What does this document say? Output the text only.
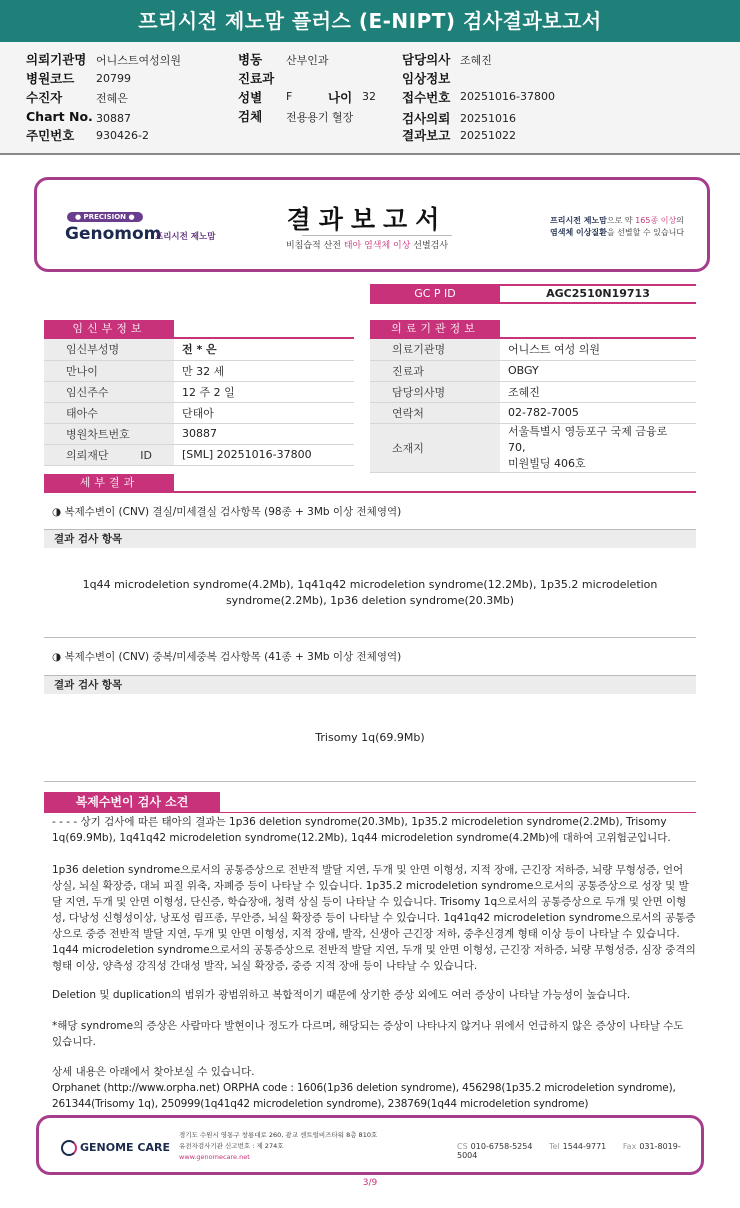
프리시전 제노맘 플러스 (E-NIPT) 검사결과보고서
의뢰기관명 어니스트여성의원
병원코드 20799
수진자	전혜은
Chart No. 30887
주민번호 930426-2
병동 산부인과
진료과
성별 F	나이 32
검체 전용용기 혈장
담당의사 조혜진
임상정보
접수번호 20251016-37800
검사의뢰 20251016
결과보고 20251022
● PRECISION ●
Genomom
프리시전 제노맘
결과보고서
비침습적 산전 태아 염색체 이상 선별검사
프리시전 제노맘으로 약 165종 이상의
염색체 이상질환을 선별할 수 있습니다
GC P ID	AGC2510N19713
임신부정보
임신부성명	전 * 은
만나이	만 32 세
임신주수	12 주 2 일
태아수	단태아
병원차트번호	30887
의뢰재단 ID	[SML] 20251016-37800
의료기관정보
의료기관명	어니스트 여성 의원
진료과	OBGY
담당의사명	조혜진
연락처	02-782-7005
소재지	서울특별시 영등포구 국제 금융로 70,
미원빌딩 406호
세부결과
◑ 복제수변이 (CNV) 결실/미세결실 검사항목 (98종 + 3Mb 이상 전체영역)
결과 검사 항목
1q44 microdeletion syndrome(4.2Mb), 1q41q42 microdeletion syndrome(12.2Mb), 1p35.2 microdeletion
syndrome(2.2Mb), 1p36 deletion syndrome(20.3Mb)
◑ 복제수변이 (CNV) 중복/미세중복 검사항목 (41종 + 3Mb 이상 전체영역)
결과 검사 항목
Trisomy 1q(69.9Mb)
복제수변이 검사 소견
- - - - 상기 검사에 따른 태아의 결과는 1p36 deletion syndrome(20.3Mb), 1p35.2 microdeletion syndrome(2.2Mb), Trisomy 1q(69.9Mb), 1q41q42 microdeletion syndrome(12.2Mb), 1q44 microdeletion syndrome(4.2Mb)에 대하여 고위험군입니다.
1p36 deletion syndrome으로서의 공통증상으로 전반적 발달 지연, 두개 및 안면 이형성, 지적 장애, 근긴장 저하증, 뇌량 무형성증, 언어 상실, 뇌실 확장증, 대뇌 피질 위축, 자폐증 등이 나타날 수 있습니다. 1p35.2 microdeletion syndrome으로서의 공통증상으로 성장 및 발달 지연, 두개 및 안면 이형성, 단신증, 학습장애, 청력 상실 등이 나타날 수 있습니다. Trisomy 1q으로서의 공통증상으로 두개 및 안면 이형성, 다낭성 신형성이상, 낭포성 림프종, 무안증, 뇌실 확장증 등이 나타날 수 있습니다. 1q41q42 microdeletion syndrome으로서의 공통증상으로 중증 전반적 발달 지연, 두개 및 안면 이형성, 지적 장애, 발작, 신생아 근긴장 저하, 중추신경계 형태 이상 등이 나타날 수 있습니다. 1q44 microdeletion syndrome으로서의 공통증상으로 전반적 발달 지연, 두개 및 안면 이형성, 근긴장 저하증, 뇌량 무형성증, 심장 중격의 형태 이상, 양측성 강직성 간대성 발작, 뇌실 확장증, 중증 지적 장애 등이 나타날 수 있습니다.
Deletion 및 duplication의 범위가 광범위하고 복합적이기 때문에 상기한 증상 외에도 여러 증상이 나타날 가능성이 높습니다.
*해당 syndrome의 증상은 사람마다 발현이나 정도가 다르며, 해당되는 증상이 나타나지 않거나 위에서 언급하지 않은 증상이 나타날 수도 있습니다.
상세 내용은 아래에서 찾아보실 수 있습니다.
Orphanet (http://www.orpha.net) ORPHA code : 1606(1p36 deletion syndrome), 456298(1p35.2 microdeletion syndrome), 261344(Trisomy 1q), 250999(1q41q42 microdeletion syndrome), 238769(1q44 microdeletion syndrome)
GENOME CARE
경기도 수원시 영통구 창룡대로 260, 광교 센트럴비즈타워 8층 810호
유전자검사기관 신고번호 : 제 274호
www.genomecare.net
CS 010-6758-5254 Tel 1544-9771 Fax 031-8019-5004
3/9
